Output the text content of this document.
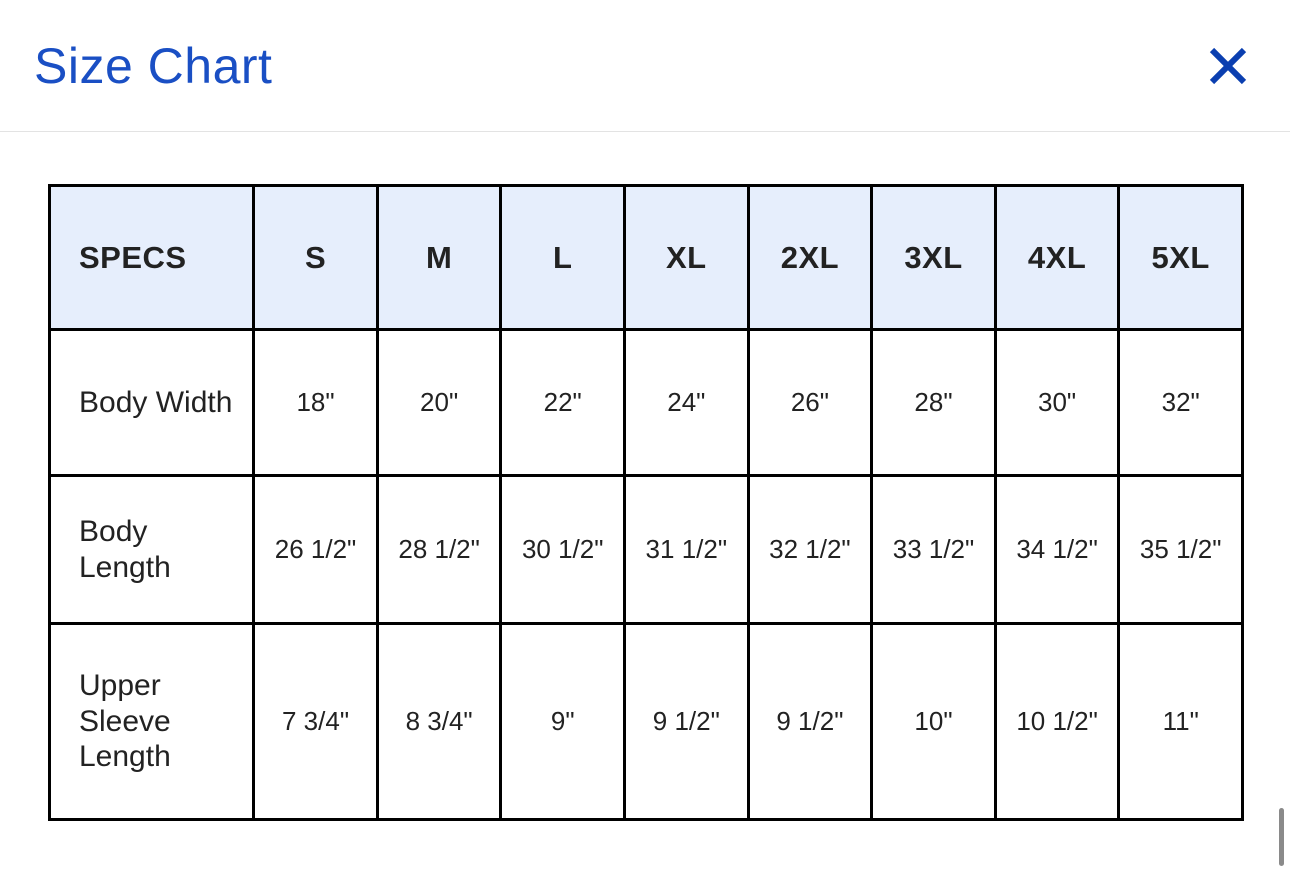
Size Chart
SPECS	S	M	L	XL	2XL	3XL	4XL	5XL
Body Width	18"	20"	22"	24"	26"	28"	30"	32"
Body Length	26 1/2"	28 1/2"	30 1/2"	31 1/2"	32 1/2"	33 1/2"	34 1/2"	35 1/2"
Upper Sleeve Length	7 3/4"	8 3/4"	9"	9 1/2"	9 1/2"	10"	10 1/2"	11"
